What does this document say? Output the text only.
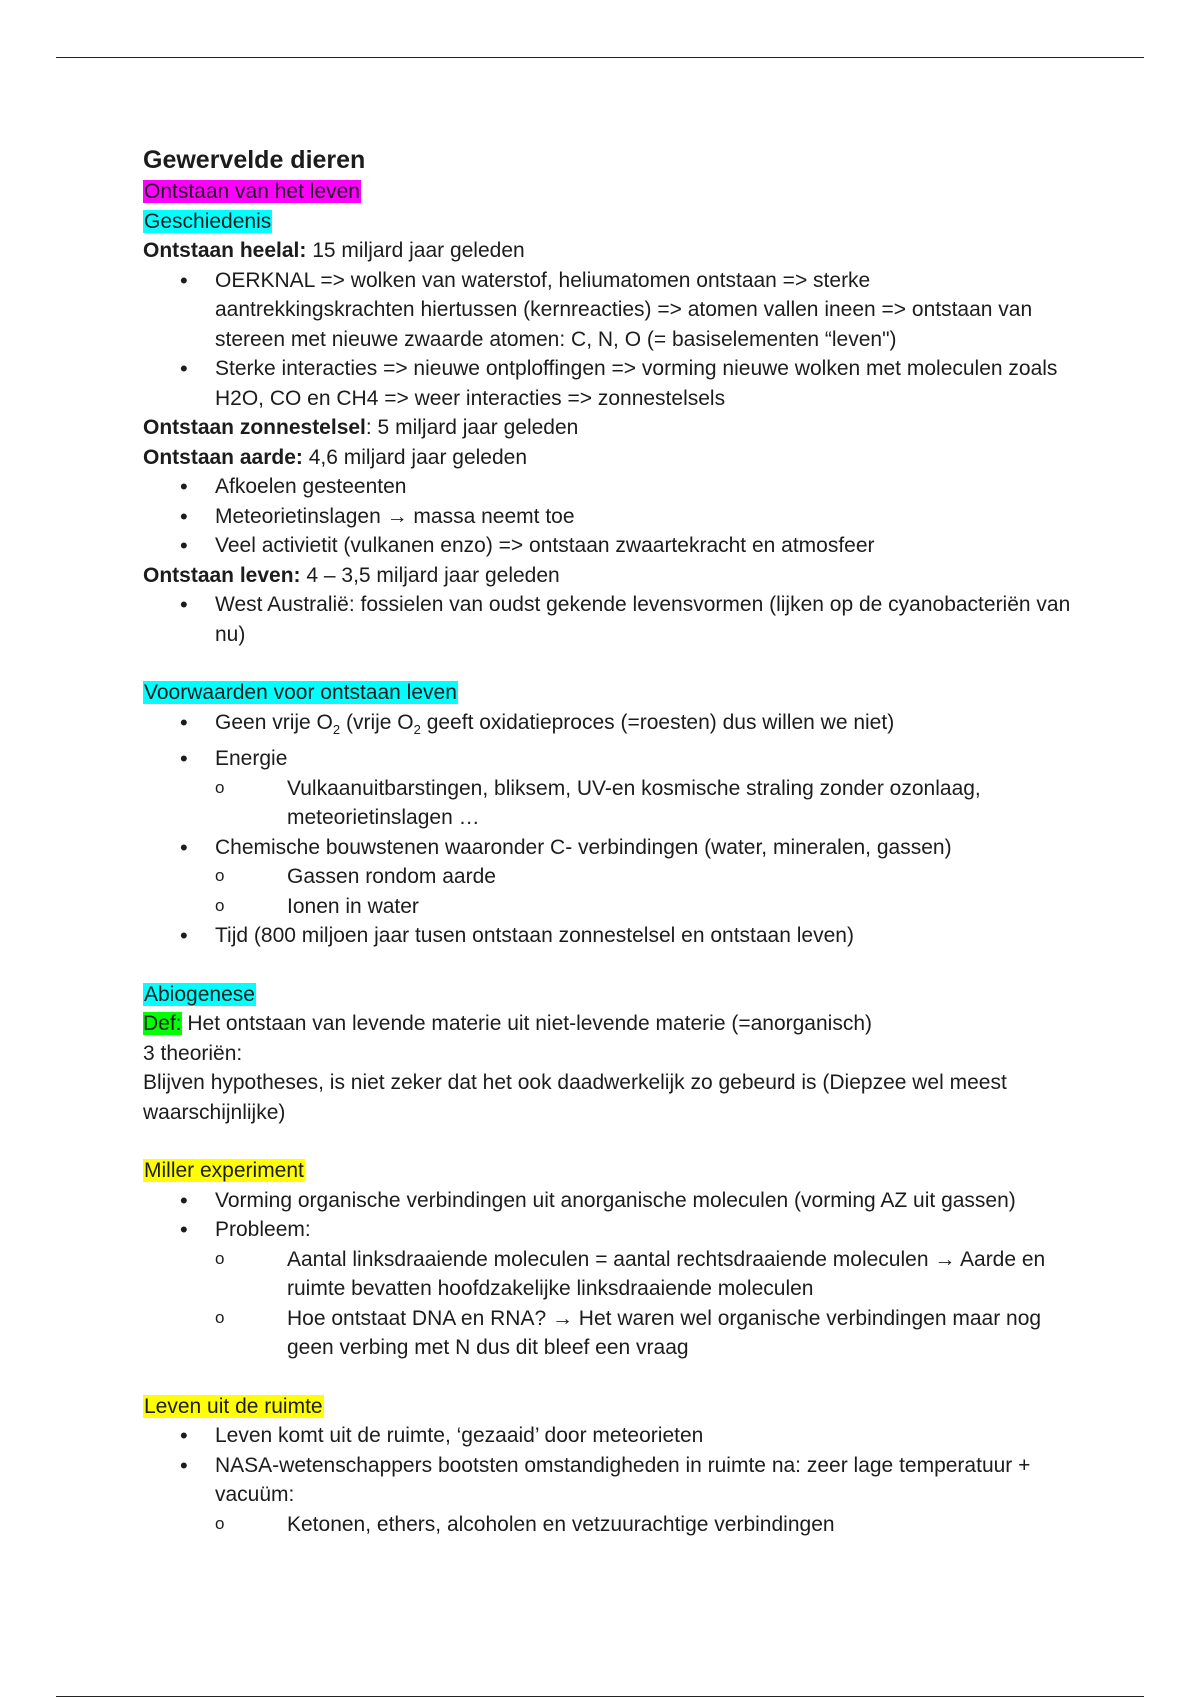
Gewervelde dieren
Ontstaan van het leven
Geschiedenis
Ontstaan heelal: 15 miljard jaar geleden
• OERKNAL => wolken van waterstof, heliumatomen ontstaan => sterke aantrekkingskrachten hiertussen (kernreacties) => atomen vallen ineen => ontstaan van stereen met nieuwe zwaarde atomen: C, N, O (= basiselementen “leven")
• Sterke interacties => nieuwe ontploffingen => vorming nieuwe wolken met moleculen zoals H2O, CO en CH4 => weer interacties => zonnestelsels
Ontstaan zonnestelsel: 5 miljard jaar geleden
Ontstaan aarde: 4,6 miljard jaar geleden
• Afkoelen gesteenten
• Meteorietinslagen → massa neemt toe
• Veel activietit (vulkanen enzo) => ontstaan zwaartekracht en atmosfeer
Ontstaan leven: 4 – 3,5 miljard jaar geleden
• West Australië: fossielen van oudst gekende levensvormen (lijken op de cyanobacteriën van nu)
Voorwaarden voor ontstaan leven
• Geen vrije $O_2$ (vrije $O_2$ geeft oxidatieproces (=roesten) dus willen we niet)
• Energie
o Vulkaanuitbarstingen, bliksem, UV-en kosmische straling zonder ozonlaag, meteorietinslagen …
• Chemische bouwstenen waaronder C- verbindingen (water, mineralen, gassen)
o Gassen rondom aarde
o Ionen in water
• Tijd (800 miljoen jaar tusen ontstaan zonnestelsel en ontstaan leven)
Abiogenese
Def: Het ontstaan van levende materie uit niet-levende materie (=anorganisch)
3 theoriën:
Blijven hypotheses, is niet zeker dat het ook daadwerkelijk zo gebeurd is (Diepzee wel meest waarschijnlijke)
Miller experiment
• Vorming organische verbindingen uit anorganische moleculen (vorming AZ uit gassen)
• Probleem:
o Aantal linksdraaiende moleculen = aantal rechtsdraaiende moleculen → Aarde en ruimte bevatten hoofdzakelijke linksdraaiende moleculen
o Hoe ontstaat DNA en RNA? → Het waren wel organische verbindingen maar nog geen verbing met N dus dit bleef een vraag
Leven uit de ruimte
• Leven komt uit de ruimte, ‘gezaaid’ door meteorieten
• NASA-wetenschappers bootsten omstandigheden in ruimte na: zeer lage temperatuur + vacuüm:
o Ketonen, ethers, alcoholen en vetzuurachtige verbindingen
